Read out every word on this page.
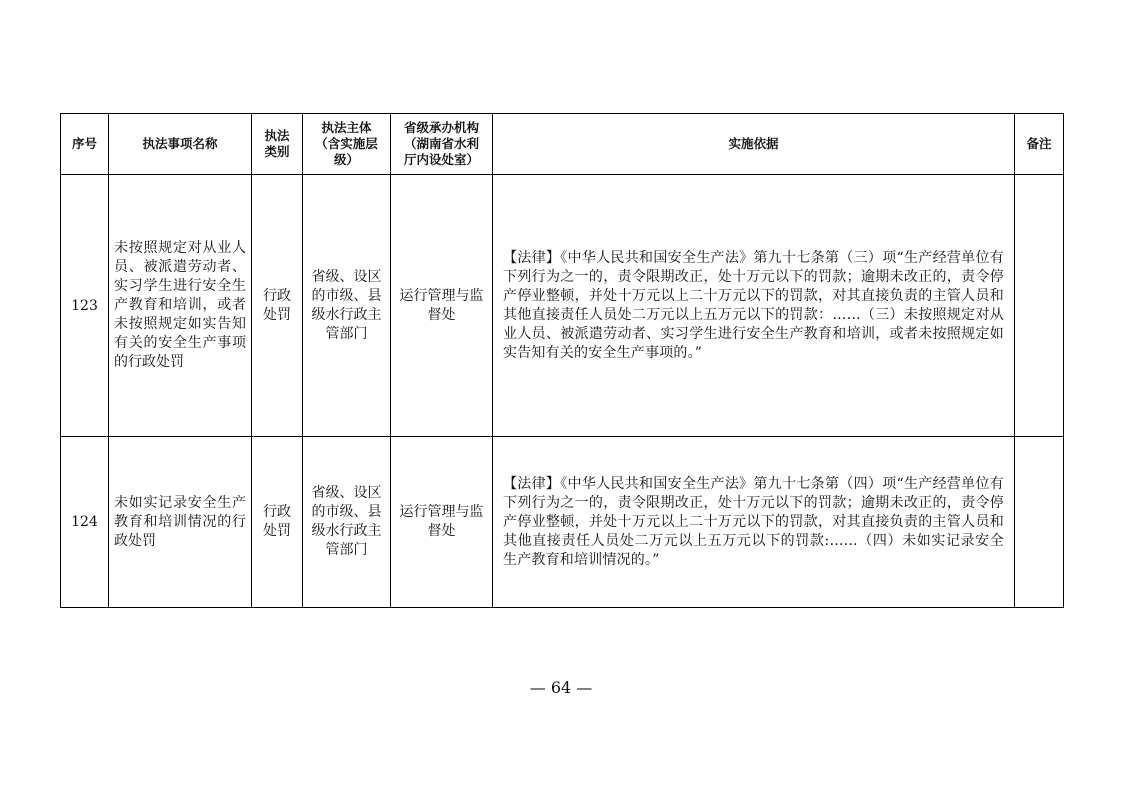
序号	执法事项名称	执法类别	执法主体（含实施层级）	省级承办机构（湖南省水利厅内设处室）	实施依据	备注
123	未按照规定对从业人员、被派遣劳动者、实习学生进行安全生产教育和培训，或者未按照规定如实告知有关的安全生产事项的行政处罚	行政处罚	省级、设区的市级、县级水行政主管部门	运行管理与监督处	【法律】《中华人民共和国安全生产法》第九十七条第（三）项“生产经营单位有下列行为之一的，责令限期改正，处十万元以下的罚款；逾期未改正的，责令停产停业整顿，并处十万元以上二十万元以下的罚款，对其直接负责的主管人员和其他直接责任人员处二万元以上五万元以下的罚款：……（三）未按照规定对从业人员、被派遣劳动者、实习学生进行安全生产教育和培训，或者未按照规定如实告知有关的安全生产事项的。”	

124	未如实记录安全生产教育和培训情况的行政处罚	行政处罚	省级、设区的市级、县级水行政主管部门	运行管理与监督处	【法律】《中华人民共和国安全生产法》第九十七条第（四）项“生产经营单位有下列行为之一的，责令限期改正，处十万元以下的罚款；逾期未改正的，责令停产停业整顿，并处十万元以上二十万元以下的罚款，对其直接负责的主管人员和其他直接责任人员处二万元以上五万元以下的罚款:……（四）未如实记录安全生产教育和培训情况的。”	

— 64 —
